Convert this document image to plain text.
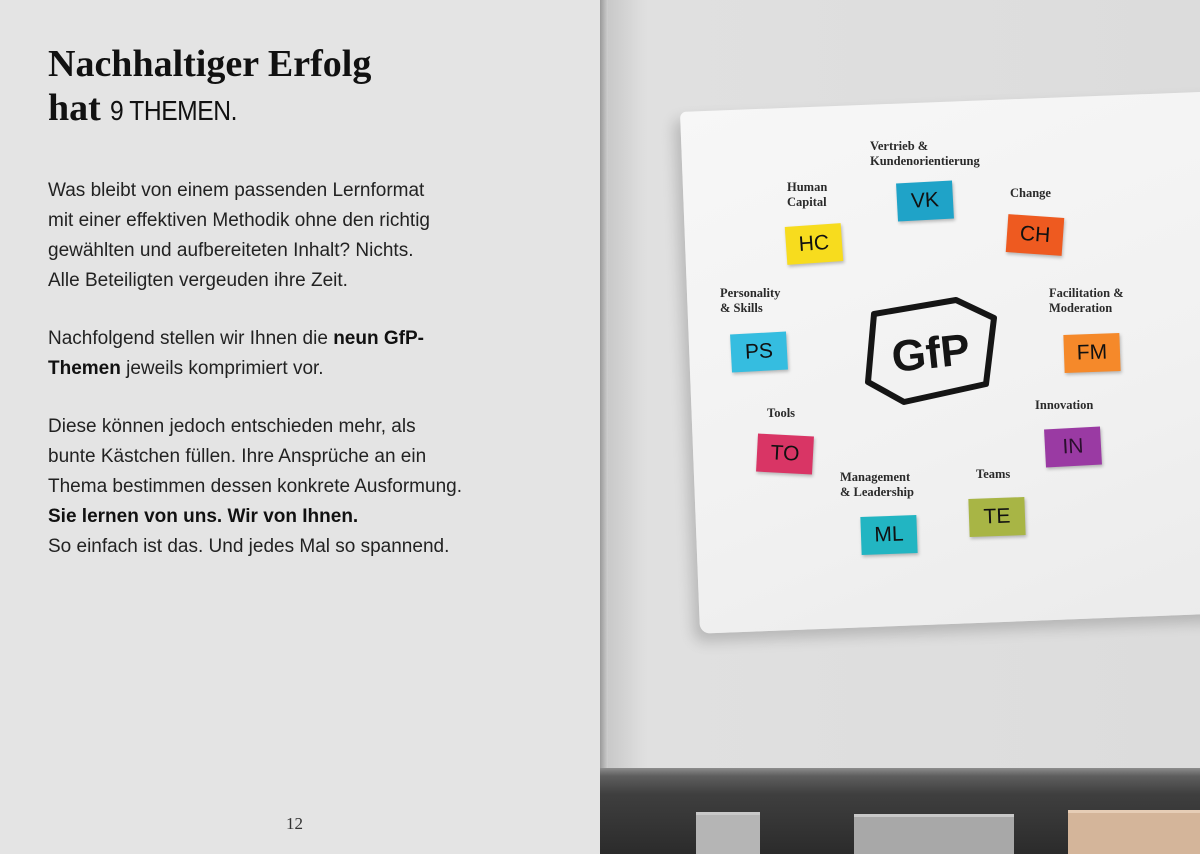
Nachhaltiger Erfolg
hat 9 THEMEN.

Was bleibt von einem passenden Lernformat
mit einer effektiven Methodik ohne den richtig
gewählten und aufbereiteten Inhalt? Nichts.
Alle Beteiligten vergeuden ihre Zeit.

Nachfolgend stellen wir Ihnen die neun GfP-
Themen jeweils komprimiert vor.

Diese können jedoch entschieden mehr, als
bunte Kästchen füllen. Ihre Ansprüche an ein
Thema bestimmen dessen konkrete Ausformung.
Sie lernen von uns. Wir von Ihnen.
So einfach ist das. Und jedes Mal so spannend.

12
Vertrieb &
Kundenorientierung
VK
Human
Capital
HC
Change
CH
Personality
& Skills
PS
Facilitation &
Moderation
FM
Tools
TO
Innovation
IN
Management
& Leadership
ML
Teams
TE
GfP
